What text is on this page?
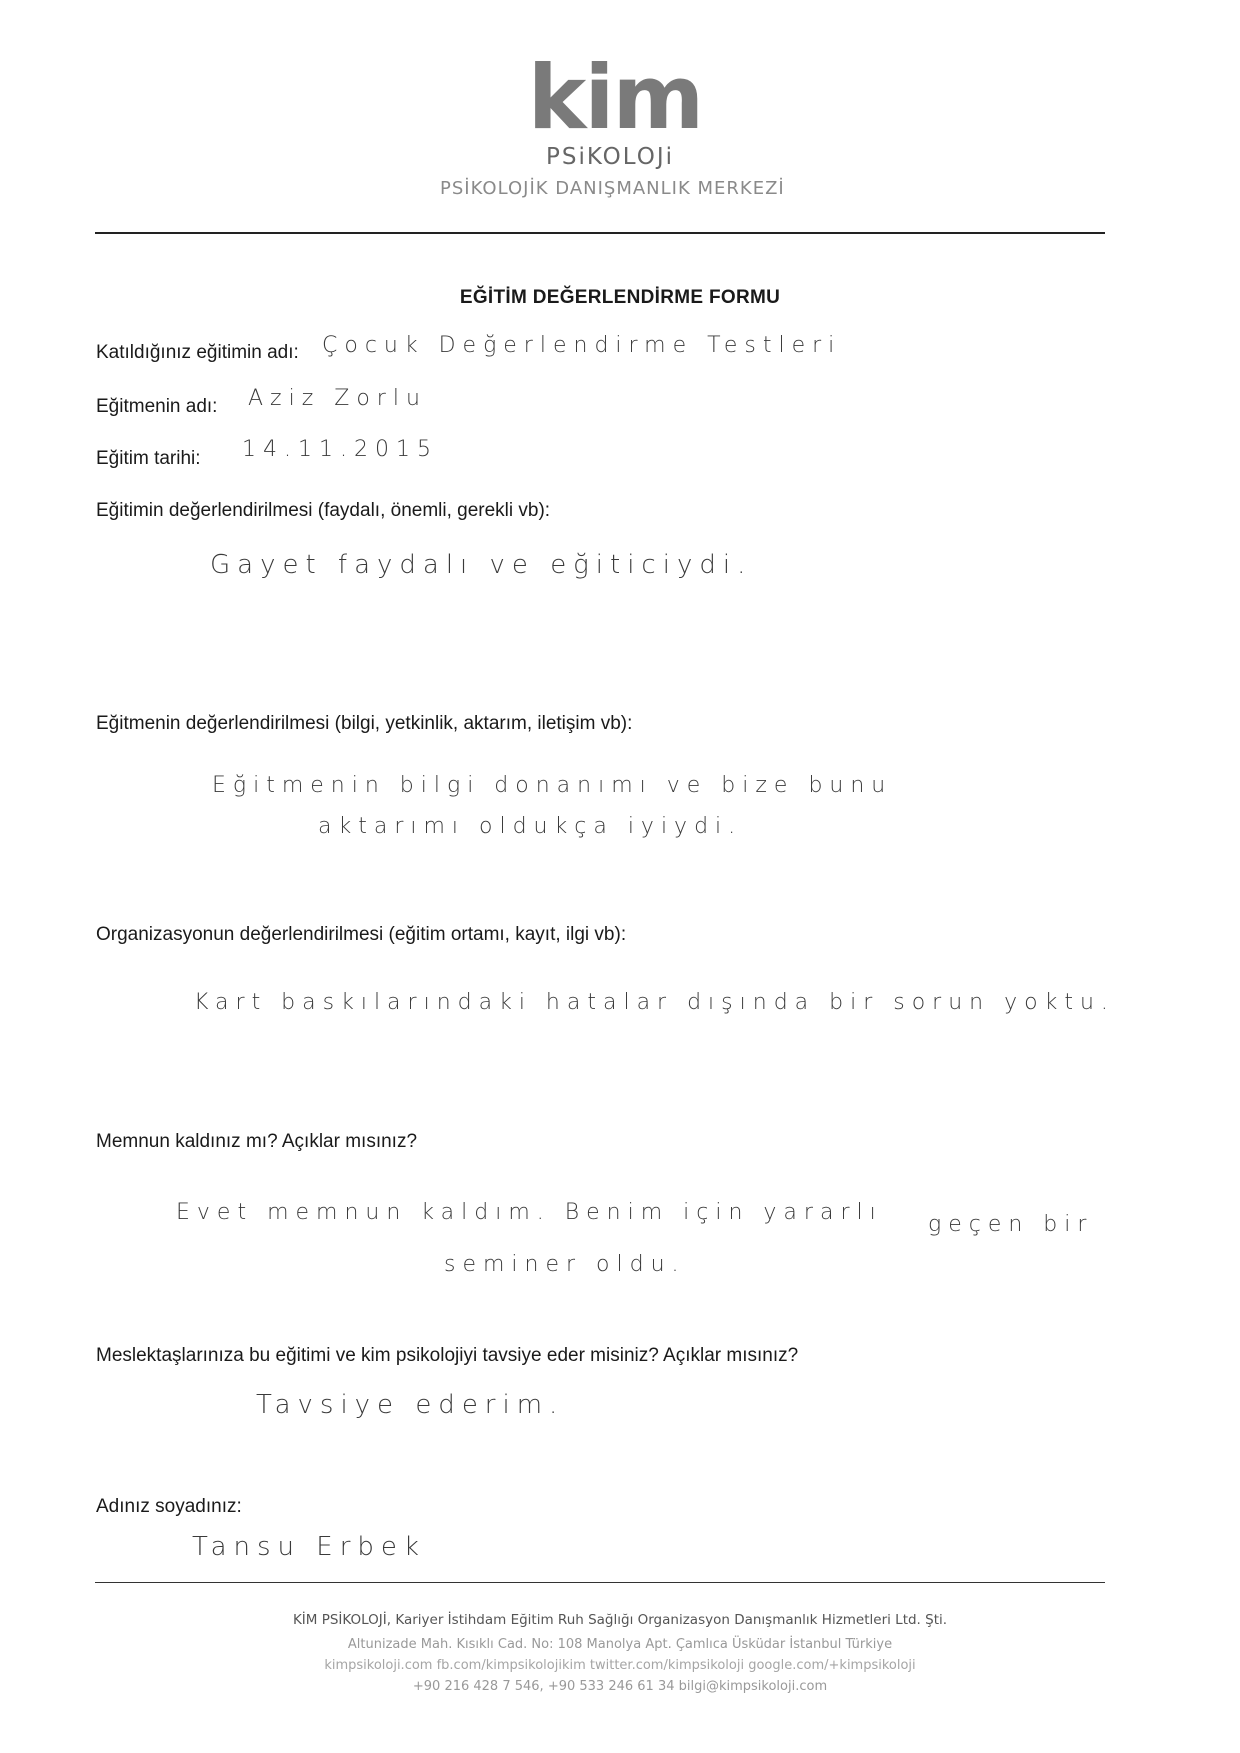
kim
PSiKOLOJi
PSİKOLOJİK DANIŞMANLIK MERKEZİ
EĞİTİM DEĞERLENDİRME FORMU
Katıldığınız eğitimin adı: Çocuk Değerlendirme Testleri
Eğitmenin adı: Aziz Zorlu
Eğitim tarihi: 14.11.2015
Eğitimin değerlendirilmesi (faydalı, önemli, gerekli vb):
Gayet faydalı ve eğiticiydi.
Eğitmenin değerlendirilmesi (bilgi, yetkinlik, aktarım, iletişim vb):
Eğitmenin bilgi donanımı ve bize bunu
aktarımı oldukça iyiydi.
Organizasyonun değerlendirilmesi (eğitim ortamı, kayıt, ilgi vb):
Kart baskılarındaki hatalar dışında bir sorun yoktu.
Memnun kaldınız mı? Açıklar mısınız?
Evet memnun kaldım. Benim için yararlı geçen bir
seminer oldu.
Meslektaşlarınıza bu eğitimi ve kim psikolojiyi tavsiye eder misiniz? Açıklar mısınız?
Tavsiye ederim.
Adınız soyadınız:
Tansu Erbek
KİM PSİKOLOJİ, Kariyer İstihdam Eğitim Ruh Sağlığı Organizasyon Danışmanlık Hizmetleri Ltd. Şti.
Altunizade Mah. Kısıklı Cad. No: 108 Manolya Apt. Çamlıca Üsküdar İstanbul Türkiye
kimpsikoloji.com fb.com/kimpsikolojikim twitter.com/kimpsikoloji google.com/+kimpsikoloji
+90 216 428 7 546, +90 533 246 61 34 bilgi@kimpsikoloji.com
